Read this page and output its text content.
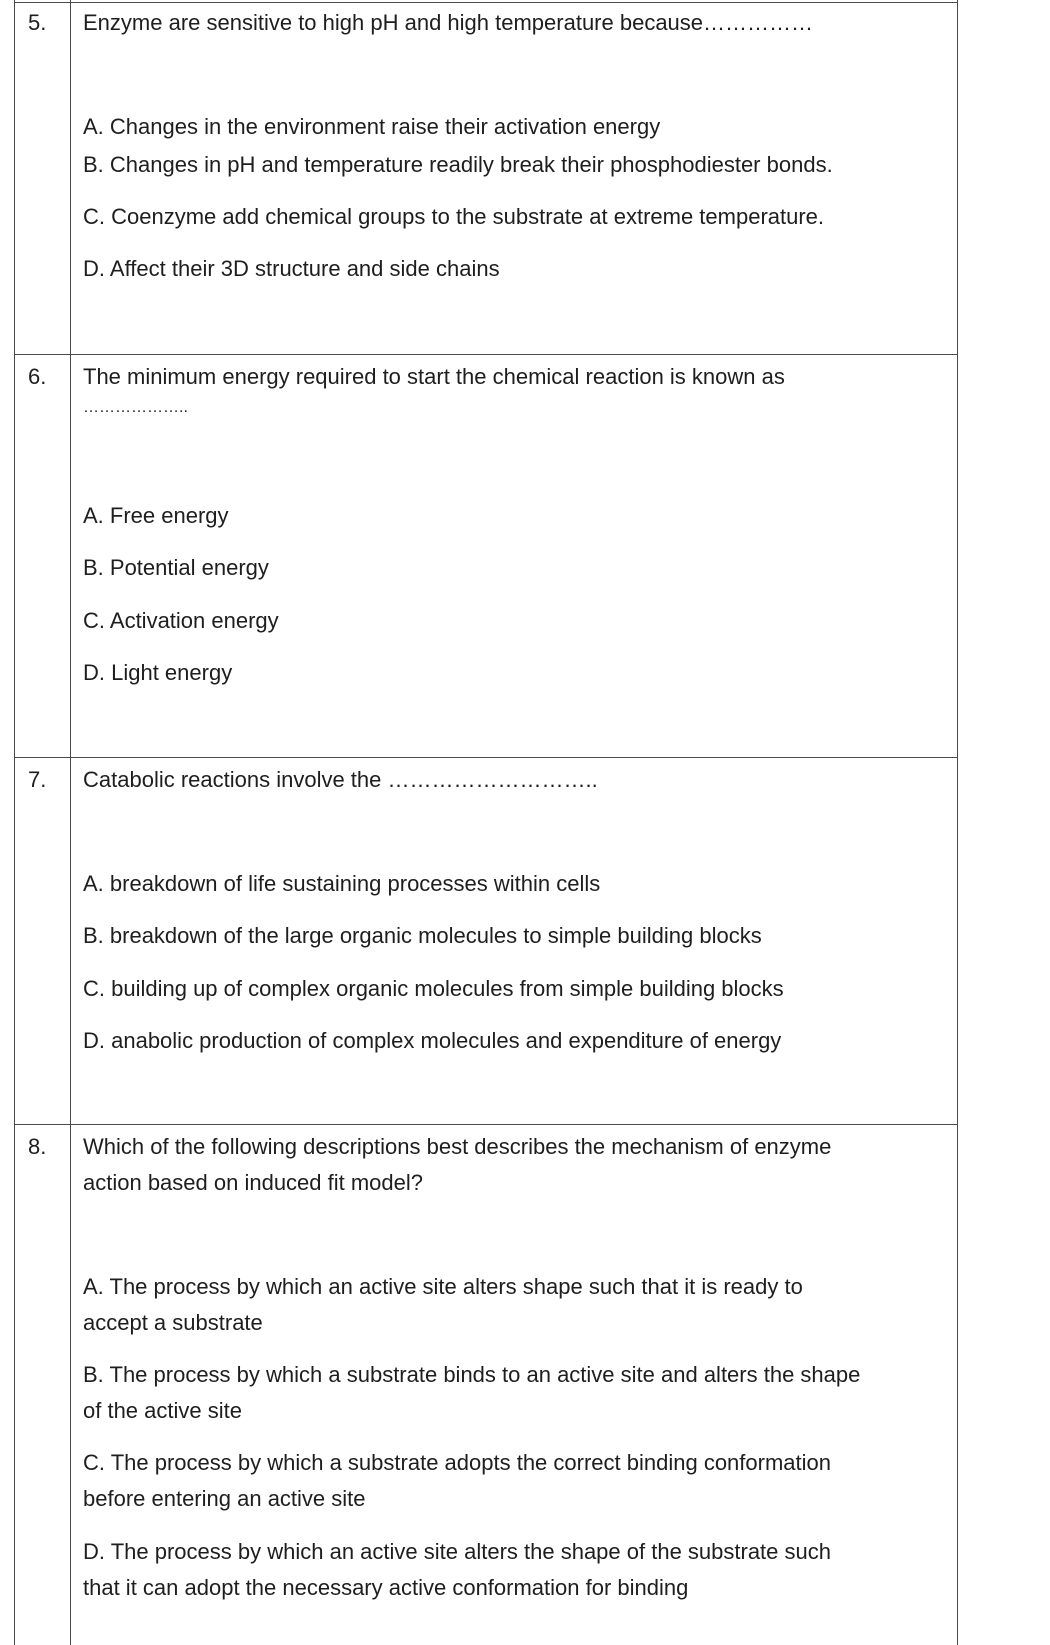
5. Enzyme are sensitive to high pH and high temperature because……………
A. Changes in the environment raise their activation energy
B. Changes in pH and temperature readily break their phosphodiester bonds.
C. Coenzyme add chemical groups to the substrate at extreme temperature.
D. Affect their 3D structure and side chains
6. The minimum energy required to start the chemical reaction is known as
………………..
A. Free energy
B. Potential energy
C. Activation energy
D. Light energy
7. Catabolic reactions involve the ………………………..
A. breakdown of life sustaining processes within cells
B. breakdown of the large organic molecules to simple building blocks
C. building up of complex organic molecules from simple building blocks
D. anabolic production of complex molecules and expenditure of energy
8. Which of the following descriptions best describes the mechanism of enzyme
action based on induced fit model?
A. The process by which an active site alters shape such that it is ready to
accept a substrate
B. The process by which a substrate binds to an active site and alters the shape
of the active site
C. The process by which a substrate adopts the correct binding conformation
before entering an active site
D. The process by which an active site alters the shape of the substrate such
that it can adopt the necessary active conformation for binding
